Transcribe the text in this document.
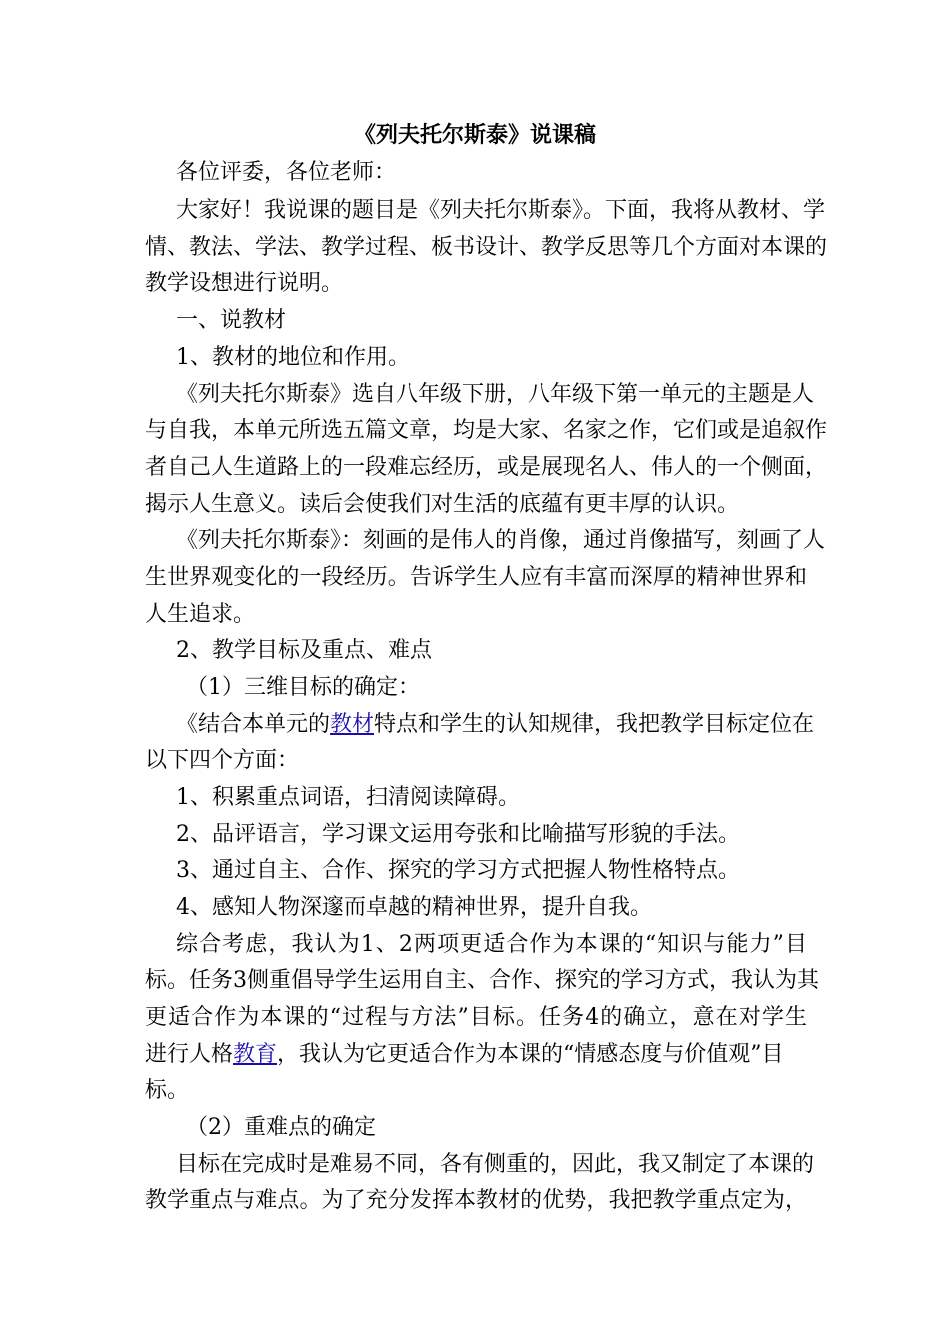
《列夫托尔斯泰》说课稿
各位评委，各位老师：
大家好！我说课的题目是《列夫托尔斯泰》。下面，我将从教材、学
情、教法、学法、教学过程、板书设计、教学反思等几个方面对本课的
教学设想进行说明。
一、说教材
1、教材的地位和作用。
《列夫托尔斯泰》选自八年级下册，八年级下第一单元的主题是人
与自我，本单元所选五篇文章，均是大家、名家之作，它们或是追叙作
者自己人生道路上的一段难忘经历，或是展现名人、伟人的一个侧面，
揭示人生意义。读后会使我们对生活的底蕴有更丰厚的认识。
《列夫托尔斯泰》：刻画的是伟人的肖像，通过肖像描写，刻画了人
生世界观变化的一段经历。告诉学生人应有丰富而深厚的精神世界和
人生追求。
2、教学目标及重点、难点
（1）三维目标的确定：
《结合本单元的教材特点和学生的认知规律，我把教学目标定位在
以下四个方面：
1、积累重点词语，扫清阅读障碍。
2、品评语言，学习课文运用夸张和比喻描写形貌的手法。
3、通过自主、合作、探究的学习方式把握人物性格特点。
4、感知人物深邃而卓越的精神世界，提升自我。
综合考虑，我认为1、2两项更适合作为本课的“知识与能力”目
标。任务3侧重倡导学生运用自主、合作、探究的学习方式，我认为其
更适合作为本课的“过程与方法”目标。任务4的确立，意在对学生
进行人格教育，我认为它更适合作为本课的“情感态度与价值观”目
标。
（2）重难点的确定
目标在完成时是难易不同，各有侧重的，因此，我又制定了本课的
教学重点与难点。为了充分发挥本教材的优势，我把教学重点定为，
